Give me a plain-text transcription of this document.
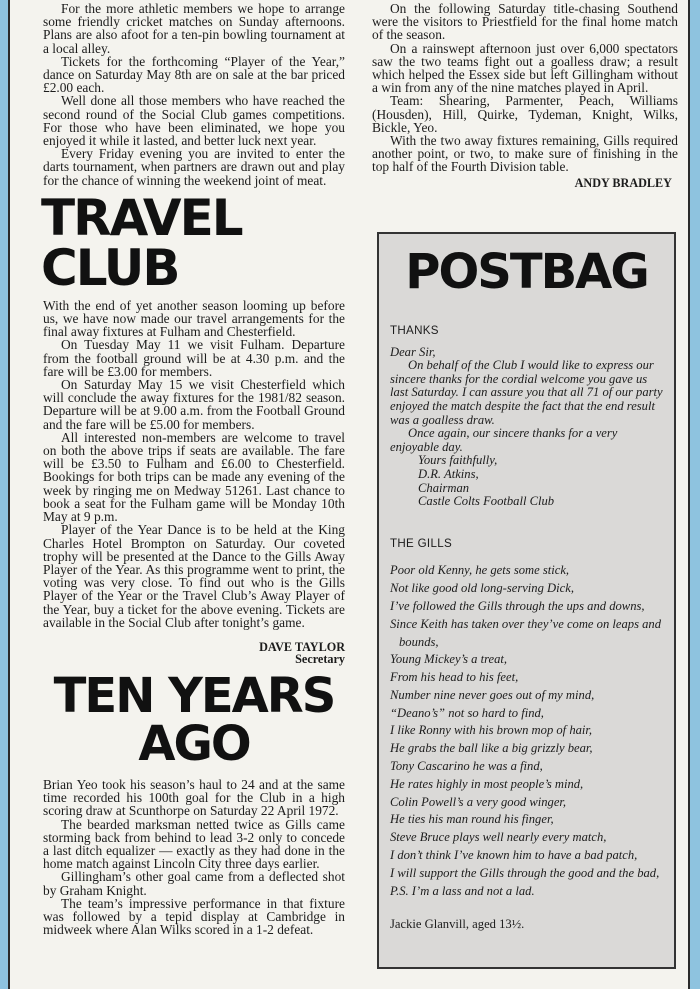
For the more athletic members we hope to arrange some friendly cricket matches on Sunday afternoons. Plans are also afoot for a ten-pin bowling tournament at a local alley.

Tickets for the forthcoming “Player of the Year,” dance on Saturday May 8th are on sale at the bar priced £2.00 each.

Well done all those members who have reached the second round of the Social Club games competitions. For those who have been eliminated, we hope you enjoyed it while it lasted, and better luck next year.

Every Friday evening you are invited to enter the darts tournament, when partners are drawn out and play for the chance of winning the weekend joint of meat.

TRAVEL CLUB

With the end of yet another season looming up before us, we have now made our travel arrangements for the final away fixtures at Fulham and Chesterfield.

On Tuesday May 11 we visit Fulham. Departure from the football ground will be at 4.30 p.m. and the fare will be £3.00 for members.

On Saturday May 15 we visit Chesterfield which will conclude the away fixtures for the 1981/82 season. Departure will be at 9.00 a.m. from the Football Ground and the fare will be £5.00 for members.

All interested non-members are welcome to travel on both the above trips if seats are available. The fare will be £3.50 to Fulham and £6.00 to Chesterfield. Bookings for both trips can be made any evening of the week by ringing me on Medway 51261. Last chance to book a seat for the Fulham game will be Monday 10th May at 9 p.m.

Player of the Year Dance is to be held at the King Charles Hotel Brompton on Saturday. Our coveted trophy will be presented at the Dance to the Gills Away Player of the Year. As this programme went to print, the voting was very close. To find out who is the Gills Player of the Year or the Travel Club’s Away Player of the Year, buy a ticket for the above evening. Tickets are available in the Social Club after tonight’s game.

DAVE TAYLOR
Secretary
TEN YEARS
AGO

Brian Yeo took his season’s haul to 24 and at the same time recorded his 100th goal for the Club in a high scoring draw at Scunthorpe on Saturday 22 April 1972.

The bearded marksman netted twice as Gills came storming back from behind to lead 3-2 only to concede a last ditch equalizer — exactly as they had done in the home match against Lincoln City three days earlier.

Gillingham’s other goal came from a deflected shot by Graham Knight.

The team’s impressive performance in that fixture was followed by a tepid display at Cambridge in midweek where Alan Wilks scored in a 1-2 defeat.

On the following Saturday title-chasing Southend were the visitors to Priestfield for the final home match of the season.

On a rainswept afternoon just over 6,000 spectators saw the two teams fight out a goalless draw; a result which helped the Essex side but left Gillingham without a win from any of the nine matches played in April.

Team: Shearing, Parmenter, Peach, Williams (Housden), Hill, Quirke, Tydeman, Knight, Wilks, Bickle, Yeo.

With the two away fixtures remaining, Gills required another point, or two, to make sure of finishing in the top half of the Fourth Division table.

ANDY BRADLEY
POSTBAG
THANKS

Dear Sir,

On behalf of the Club I would like to express our sincere thanks for the cordial welcome you gave us last Saturday. I can assure you that all 71 of our party enjoyed the match despite the fact that the end result was a goalless draw.

Once again, our sincere thanks for a very enjoyable day.

Yours faithfully,

D.R. Atkins,

Chairman

Castle Colts Football Club

THE GILLS
Poor old Kenny, he gets some stick,
Not like good old long-serving Dick,
I’ve followed the Gills through the ups and downs,
Since Keith has taken over they’ve come on leaps and bounds,
Young Mickey’s a treat,
From his head to his feet,
Number nine never goes out of my mind,
“Deano’s” not so hard to find,
I like Ronny with his brown mop of hair,
He grabs the ball like a big grizzly bear,
Tony Cascarino he was a find,
He rates highly in most people’s mind,
Colin Powell’s a very good winger,
He ties his man round his finger,
Steve Bruce plays well nearly every match,
I don’t think I’ve known him to have a bad patch,
I will support the Gills through the good and the bad,
P.S. I’m a lass and not a lad.
Jackie Glanvill, aged 13½.
